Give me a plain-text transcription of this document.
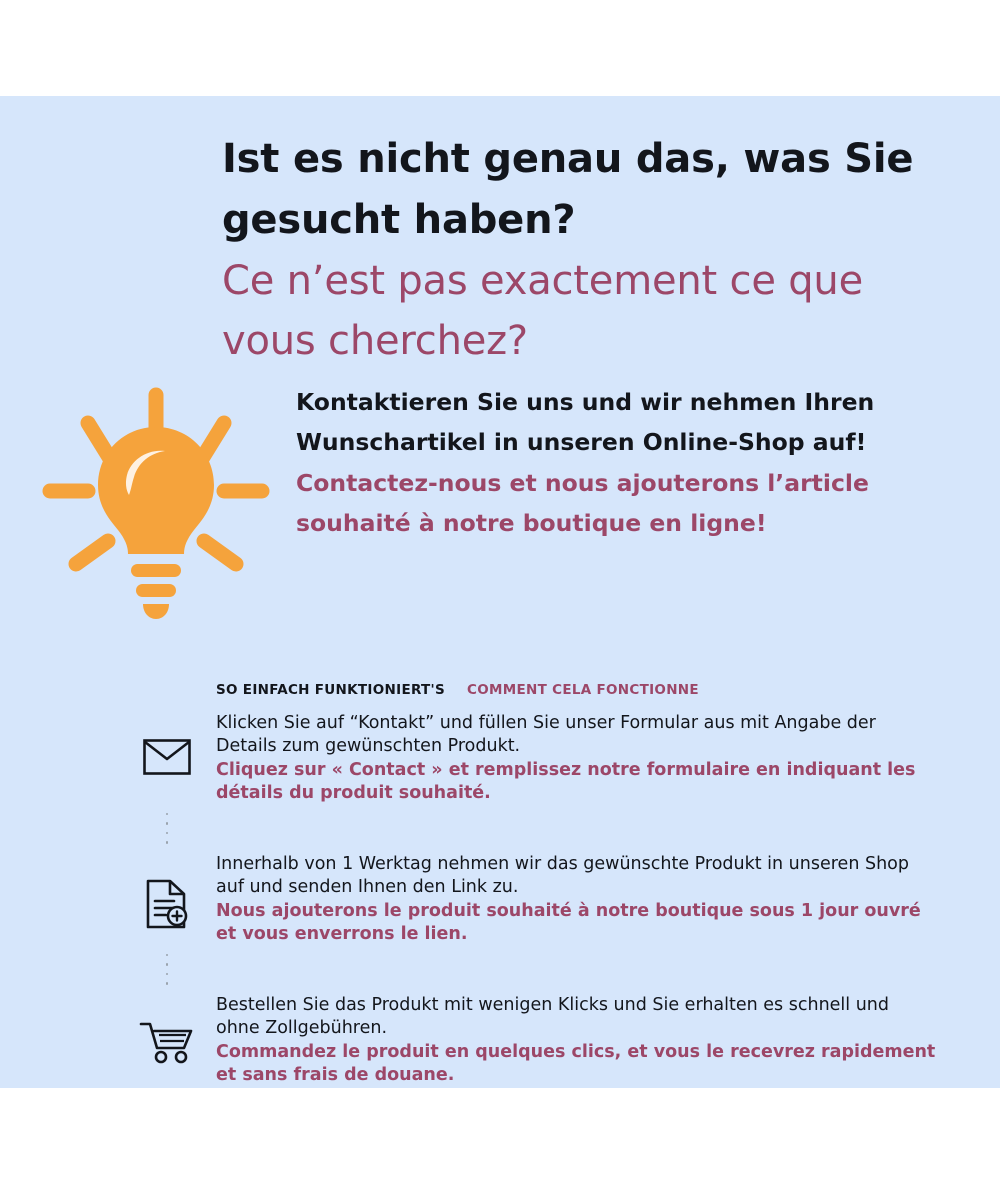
Ist es nicht genau das, was Sie gesucht haben?

Ce n’est pas exactement ce que vous cherchez?

Kontaktieren Sie uns und wir nehmen Ihren Wunschartikel in unseren Online-Shop auf!

Contactez-nous et nous ajouterons l’article souhaité à notre boutique en ligne!

SO EINFACH FUNKTIONIERT'S COMMENT CELA FONCTIONNE

Klicken Sie auf “Kontakt” und füllen Sie unser Formular aus mit Angabe der Details zum gewünschten Produkt.

Cliquez sur « Contact » et remplissez notre formulaire en indiquant les détails du produit souhaité.

Innerhalb von 1 Werktag nehmen wir das gewünschte Produkt in unseren Shop auf und senden Ihnen den Link zu.

Nous ajouterons le produit souhaité à notre boutique sous 1 jour ouvré et vous enverrons le lien.

Bestellen Sie das Produkt mit wenigen Klicks und Sie erhalten es schnell und ohne Zollgebühren.

Commandez le produit en quelques clics, et vous le recevrez rapidement et sans frais de douane.
